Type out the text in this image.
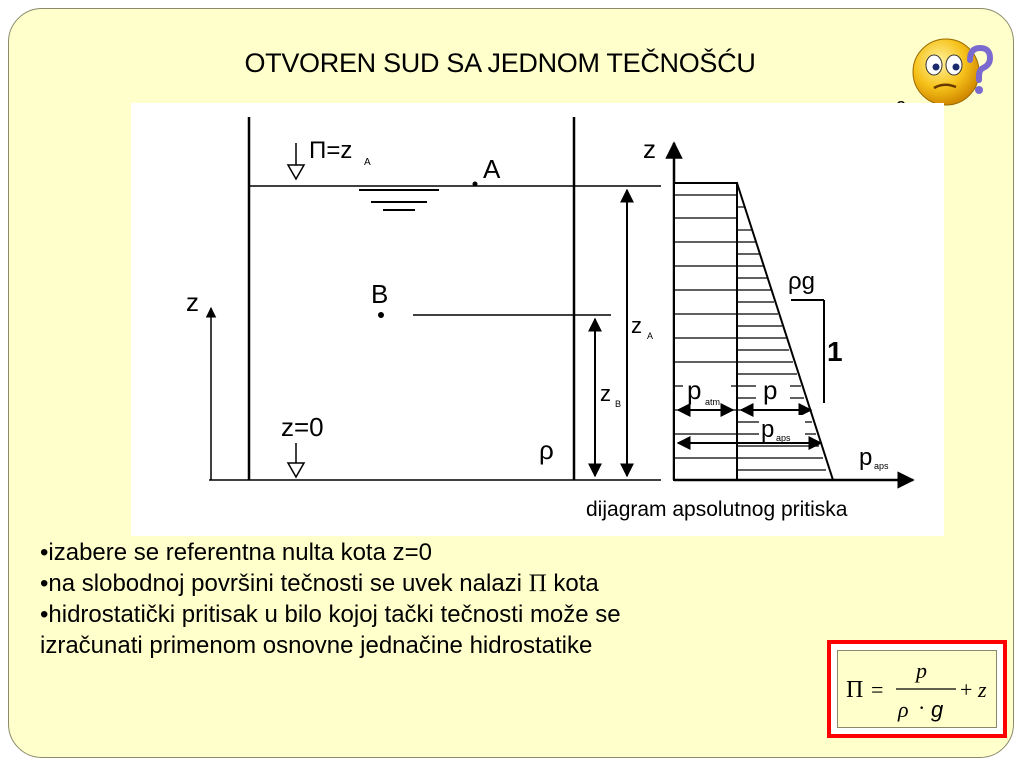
OTVOREN SUD SA JEDNOM TEČNOŠĆU
2
Π=z A	A
B
z
z=0
ρ
z B
z A
z
ρg
1
p atm p
p aps
p aps
dijagram apsolutnog pritiska
•izabere se referentna nulta kota z=0
•na slobodnoj površini tečnosti se uvek nalazi Π kota
•hidrostatički pritisak u bilo kojoj tački tečnosti može se
izračunati primenom osnovne jednačine hidrostatike
Π =
p
ρ · g
+ z
